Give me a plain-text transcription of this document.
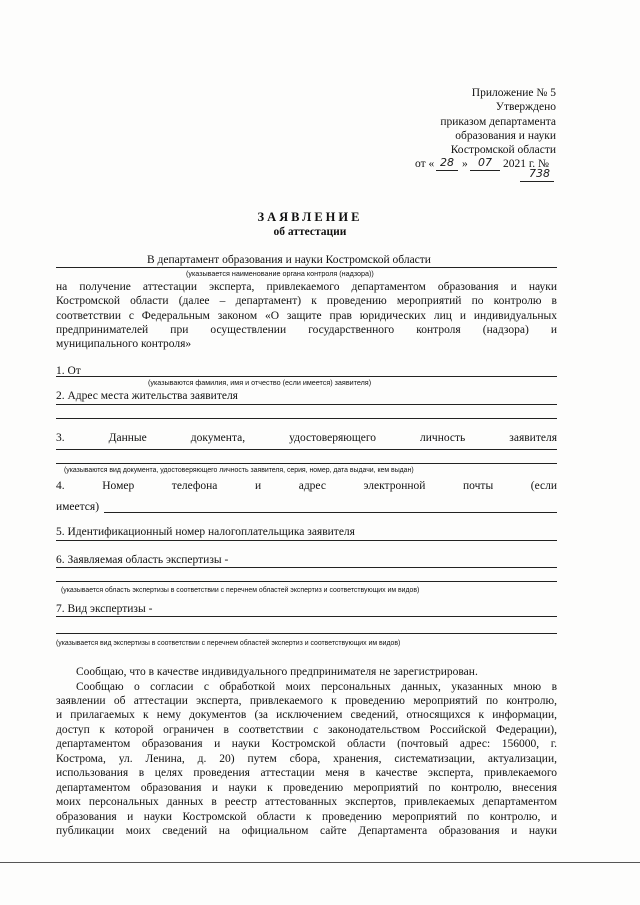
Приложение № 5
Утверждено
приказом департамента
образования и науки
Костромской области
от « 28 » 07 2021 г. №
738
ЗАЯВЛЕНИЕ
об аттестации
В департамент образования и науки Костромской области
(указывается наименование органа контроля (надзора))
на получение аттестации эксперта, привлекаемого департаментом образования и науки
Костромской области (далее – департамент) к проведению мероприятий по контролю в
соответствии с Федеральным законом «О защите прав юридических лиц и индивидуальных
предпринимателей при осуществлении государственного контроля (надзора) и
муниципального контроля»
1. От
(указываются фамилия, имя и отчество (если имеется) заявителя)
2. Адрес места жительства заявителя
3. Данные документа, удостоверяющего личность заявителя
(указываются вид документа, удостоверяющего личность заявителя, серия, номер, дата выдачи, кем выдан)
4. Номер телефона и адрес электронной почты (если
имеется)
5. Идентификационный номер налогоплательщика заявителя
6. Заявляемая область экспертизы -
(указывается область экспертизы в соответствии с перечнем областей экспертиз и соответствующих им видов)
7. Вид экспертизы -
(указывается вид экспертизы в соответствии с перечнем областей экспертиз и соответствующих им видов)
Сообщаю, что в качестве индивидуального предпринимателя не зарегистрирован.
Сообщаю о согласии с обработкой моих персональных данных, указанных мною в
заявлении об аттестации эксперта, привлекаемого к проведению мероприятий по контролю,
и прилагаемых к нему документов (за исключением сведений, относящихся к информации,
доступ к которой ограничен в соответствии с законодательством Российской Федерации),
департаментом образования и науки Костромской области (почтовый адрес: 156000, г.
Кострома, ул. Ленина, д. 20) путем сбора, хранения, систематизации, актуализации,
использования в целях проведения аттестации меня в качестве эксперта, привлекаемого
департаментом образования и науки к проведению мероприятий по контролю, внесения
моих персональных данных в реестр аттестованных экспертов, привлекаемых департаментом
образования и науки Костромской области к проведению мероприятий по контролю, и
публикации моих сведений на официальном сайте Департамента образования и науки
